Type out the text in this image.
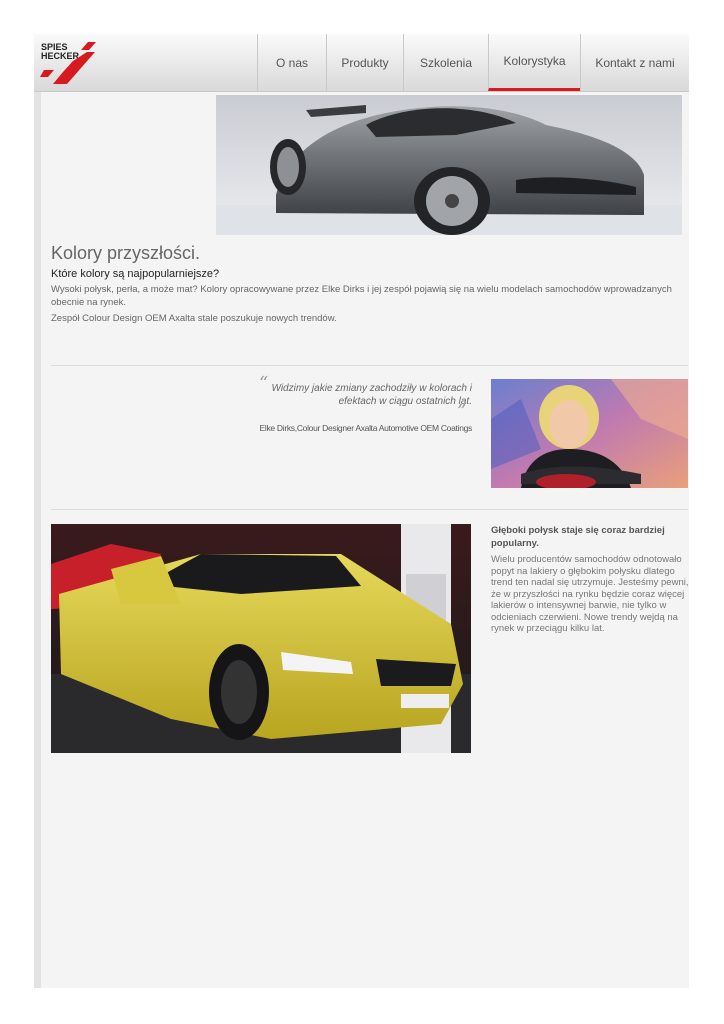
SPIES
HECKER	O nas	Produkty	Szkolenia	Kolorystyka Kontakt z nami
Kolory przyszłości.
Które kolory są najpopularniejsze?

Wysoki połysk, perła, a może mat? Kolory opracowywane przez Elke Dirks i jej zespół pojawią się na wielu modelach samochodów wprowadzanych obecnie na rynek.

Zespół Colour Design OEM Axalta stale poszukuje nowych trendów.

“ Widzimy jakie zmiany zachodziły w kolorach i efektach w ciągu ostatnich lat.

”
Elke Dirks,Colour Designer Axalta Automotive OEM Coatings

Głęboki połysk staje się coraz bardziej popularny.

Wielu producentów samochodów odnotowało popyt na lakiery o głębokim połysku dlatego trend ten nadal się utrzymuje. Jesteśmy pewni, że w przyszłości na rynku będzie coraz więcej lakierów o intensywnej barwie, nie tylko w odcieniach czerwieni. Nowe trendy wejdą na rynek w przeciągu kilku lat.
